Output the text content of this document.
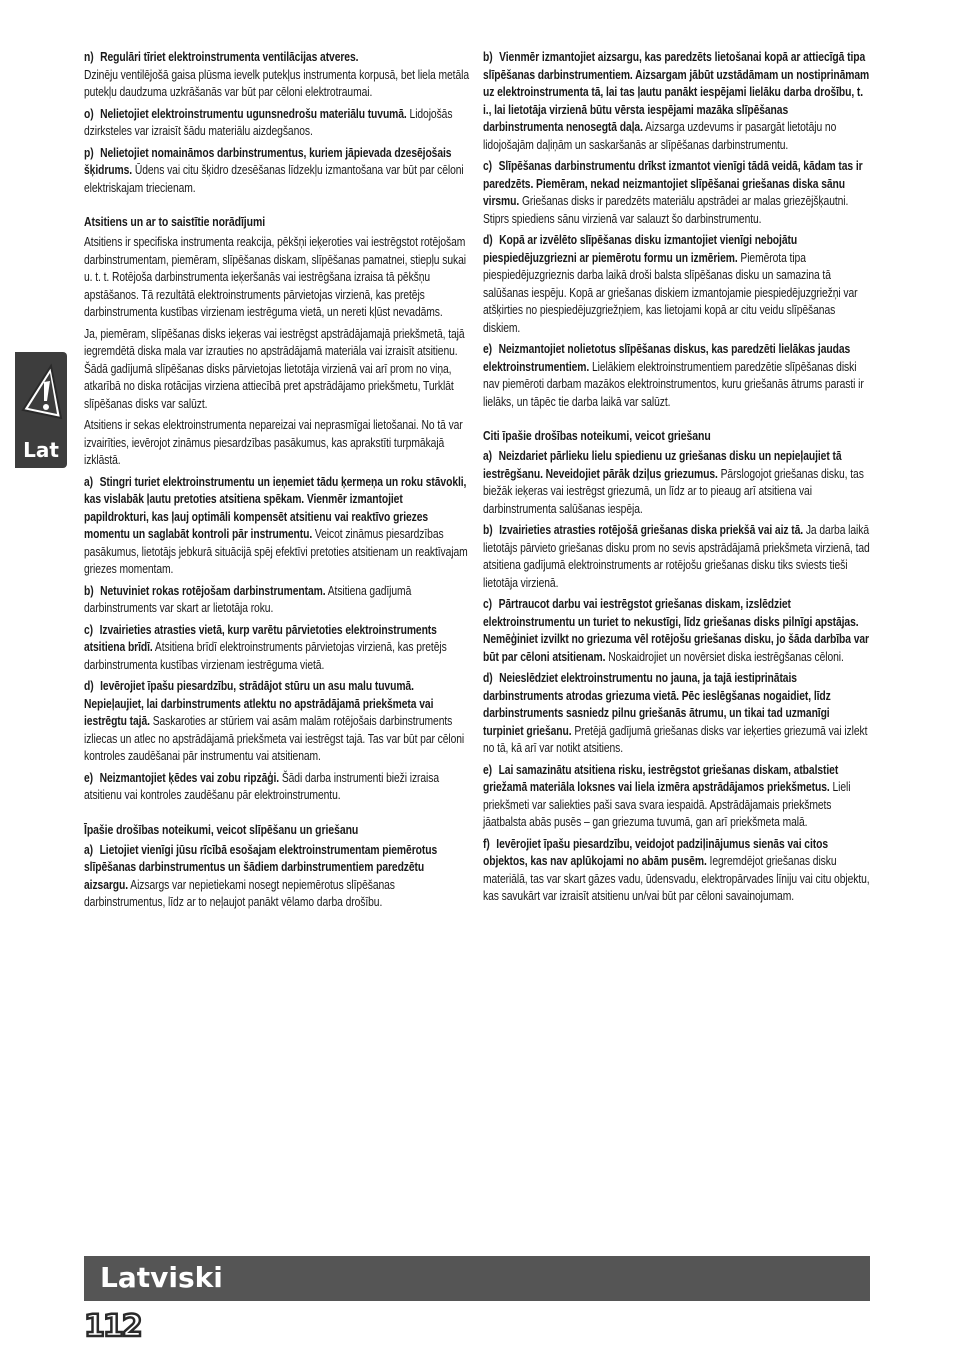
n) Regulāri tīriet elektroinstrumenta ventilācijas atveres.
Dzinēju ventilējošā gaisa plūsma ievelk putekļus instrumenta korpusā, bet liela metāla putekļu daudzuma uzkrāšanās var būt par cēloni elektrotraumai.

o) Nelietojiet elektroinstrumentu ugunsnedrošu materiālu tuvumā. Lidojošās dzirksteles var izraisīt šādu materiālu aizdegšanos.

p) Nelietojiet nomaināmos darbinstrumentus, kuriem jāpievada dzesējošais šķidrums. Ūdens vai citu šķidro dzesēšanas līdzekļu izmantošana var būt par cēloni elektriskajam triecienam.

Atsitiens un ar to saistītie norādījumi

Atsitiens ir specifiska instrumenta reakcija, pēkšņi ieķeroties vai iestrēgstot rotējošam darbinstrumentam, piemēram, slīpēšanas diskam, slīpēšanas pamatnei, stiepļu sukai u. t. t. Rotējoša darbinstrumenta ieķeršanās vai iestrēgšana izraisa tā pēkšņu apstāšanos. Tā rezultātā elektroinstruments pārvietojas virzienā, kas pretējs darbinstrumenta kustības virzienam iestrēguma vietā, un nereti kļūst nevadāms.

Ja, piemēram, slīpēšanas disks ieķeras vai iestrēgst apstrādājamajā priekšmetā, tajā iegremdētā diska mala var izrauties no apstrādājamā materiāla vai izraisīt atsitienu. Šādā gadījumā slīpēšanas disks pārvietojas lietotāja virzienā vai arī prom no viņa, atkarībā no diska rotācijas virziena attiecībā pret apstrādājamo priekšmetu, Turklāt slīpēšanas disks var salūzt.

Atsitiens ir sekas elektroinstrumenta nepareizai vai neprasmīgai lietošanai. No tā var izvairīties, ievērojot zināmus piesardzības pasākumus, kas aprakstīti turpmākajā izklāstā.

a) Stingri turiet elektroinstrumentu un ieņemiet tādu ķermeņa un roku stāvokli, kas vislabāk ļautu pretoties atsitiena spēkam. Vienmēr izmantojiet papildrokturi, kas ļauj optimāli kompensēt atsitienu vai reaktīvo griezes momentu un saglabāt kontroli pār instrumentu. Veicot zināmus piesardzības pasākumus, lietotājs jebkurā situācijā spēj efektīvi pretoties atsitienam un reaktīvajam griezes momentam.

b) Netuviniet rokas rotējošam darbinstrumentam. Atsitiena gadījumā darbinstruments var skart ar lietotāja roku.

c) Izvairieties atrasties vietā, kurp varētu pārvietoties elektroinstruments atsitiena brīdī. Atsitiena brīdī elektroinstruments pārvietojas virzienā, kas pretējs darbinstrumenta kustības virzienam iestrēguma vietā.

d) Ievērojiet īpašu piesardzību, strādājot stūru un asu malu tuvumā. Nepieļaujiet, lai darbinstruments atlektu no apstrādājamā priekšmeta vai iestrēgtu tajā. Saskaroties ar stūriem vai asām malām rotējošais darbinstruments izliecas un atlec no apstrādājamā priekšmeta vai iestrēgst tajā. Tas var būt par cēloni kontroles zaudēšanai pār instrumentu vai atsitienam.

e) Neizmantojiet ķēdes vai zobu ripzāģi. Šādi darba instrumenti bieži izraisa atsitienu vai kontroles zaudēšanu pār elektroinstrumentu.

Īpašie drošības noteikumi, veicot slīpēšanu un griešanu

a) Lietojiet vienīgi jūsu rīcībā esošajam elektroinstrumentam piemērotus slīpēšanas darbinstrumentus un šādiem darbinstrumentiem paredzētu aizsargu. Aizsargs var nepietiekami nosegt nepiemērotus slīpēšanas darbinstrumentus, līdz ar to neļaujot panākt vēlamo darba drošību.

b) Vienmēr izmantojiet aizsargu, kas paredzēts lietošanai kopā ar attiecīgā tipa slīpēšanas darbinstrumentiem. Aizsargam jābūt uzstādāmam un nostiprināmam uz elektroinstrumenta tā, lai tas ļautu panākt iespējami lielāku darba drošību, t. i., lai lietotāja virzienā būtu vērsta iespējami mazāka slīpēšanas darbinstrumenta nenosegtā daļa. Aizsarga uzdevums ir pasargāt lietotāju no lidojošajām daļiņām un saskaršanās ar slīpēšanas darbinstrumentu.

c) Slīpēšanas darbinstrumentu drīkst izmantot vienīgi tādā veidā, kādam tas ir paredzēts. Piemēram, nekad neizmantojiet slīpēšanai griešanas diska sānu virsmu. Griešanas disks ir paredzēts materiālu apstrādei ar malas griezējšķautni. Stiprs spiediens sānu virzienā var salauzt šo darbinstrumentu.

d) Kopā ar izvēlēto slīpēšanas disku izmantojiet vienīgi nebojātu piespiedējuzgriezni ar piemērotu formu un izmēriem. Piemērota tipa piespiedējuzgrieznis darba laikā droši balsta slīpēšanas disku un samazina tā salūšanas iespēju. Kopā ar griešanas diskiem izmantojamie piespiedējuzgriežņi var atšķirties no piespiedējuzgriežņiem, kas lietojami kopā ar citu veidu slīpēšanas diskiem.

e) Neizmantojiet nolietotus slīpēšanas diskus, kas paredzēti lielākas jaudas elektroinstrumentiem. Lielākiem elektroinstrumentiem paredzētie slīpēšanas diski nav piemēroti darbam mazākos elektroinstrumentos, kuru griešanās ātrums parasti ir lielāks, un tāpēc tie darba laikā var salūzt.

Citi īpašie drošības noteikumi, veicot griešanu

a) Neizdariet pārlieku lielu spiedienu uz griešanas disku un nepieļaujiet tā iestrēgšanu. Neveidojiet pārāk dziļus griezumus. Pārslogojot griešanas disku, tas biežāk ieķeras vai iestrēgst griezumā, un līdz ar to pieaug arī atsitiena vai darbinstrumenta salūšanas iespēja.

b) Izvairieties atrasties rotējošā griešanas diska priekšā vai aiz tā. Ja darba laikā lietotājs pārvieto griešanas disku prom no sevis apstrādājamā priekšmeta virzienā, tad atsitiena gadījumā elektroinstruments ar rotējošu griešanas disku tiks sviests tieši lietotāja virzienā.

c) Pārtraucot darbu vai iestrēgstot griešanas diskam, izslēdziet elektroinstrumentu un turiet to nekustīgi, līdz griešanas disks pilnīgi apstājas. Nemēģiniet izvilkt no griezuma vēl rotējošu griešanas disku, jo šāda darbība var būt par cēloni atsitienam. Noskaidrojiet un novērsiet diska iestrēgšanas cēloni.

d) Neieslēdziet elektroinstrumentu no jauna, ja tajā iestiprinātais darbinstruments atrodas griezuma vietā. Pēc ieslēgšanas nogaidiet, līdz darbinstruments sasniedz pilnu griešanās ātrumu, un tikai tad uzmanīgi turpiniet griešanu. Pretējā gadījumā griešanas disks var ieķerties griezumā vai izlekt no tā, kā arī var notikt atsitiens.

e) Lai samazinātu atsitiena risku, iestrēgstot griešanas diskam, atbalstiet griežamā materiāla loksnes vai liela izmēra apstrādājamos priekšmetus. Lieli priekšmeti var saliekties paši sava svara iespaidā. Apstrādājamais priekšmets jāatbalsta abās pusēs – gan griezuma tuvumā, gan arī priekšmeta malā.

f) Ievērojiet īpašu piesardzību, veidojot padziļinājumus sienās vai citos objektos, kas nav aplūkojami no abām pusēm. Iegremdējot griešanas disku materiālā, tas var skart gāzes vadu, ūdensvadu, elektropārvades līniju vai citu objektu, kas savukārt var izraisīt atsitienu un/vai būt par cēloni savainojumam.

Lat
Latviski
112
